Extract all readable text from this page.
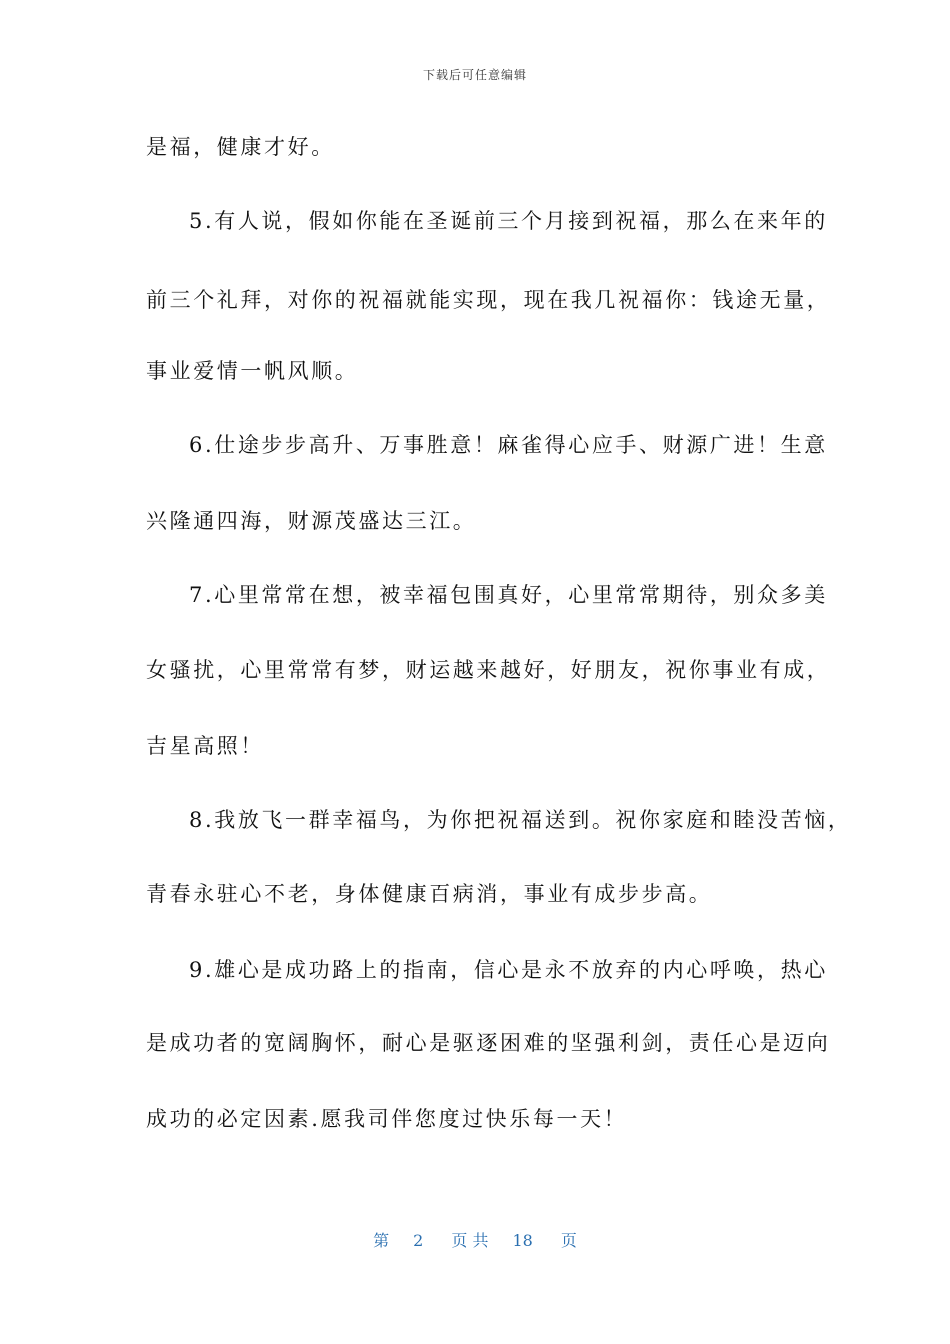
下载后可任意编辑
是福，健康才好。
5.有人说，假如你能在圣诞前三个月接到祝福，那么在来年的
前三个礼拜，对你的祝福就能实现，现在我几祝福你：钱途无量，
事业爱情一帆风顺。
6.仕途步步高升、万事胜意！麻雀得心应手、财源广进！生意
兴隆通四海，财源茂盛达三江。
7.心里常常在想，被幸福包围真好，心里常常期待，别众多美
女骚扰，心里常常有梦，财运越来越好，好朋友，祝你事业有成，
吉星高照！
8.我放飞一群幸福鸟，为你把祝福送到。祝你家庭和睦没苦恼，
青春永驻心不老，身体健康百病消，事业有成步步高。
9.雄心是成功路上的指南，信心是永不放弃的内心呼唤，热心
是成功者的宽阔胸怀，耐心是驱逐困难的坚强利剑，责任心是迈向
成功的必定因素.愿我司伴您度过快乐每一天！
第 2 页 共 18 页
